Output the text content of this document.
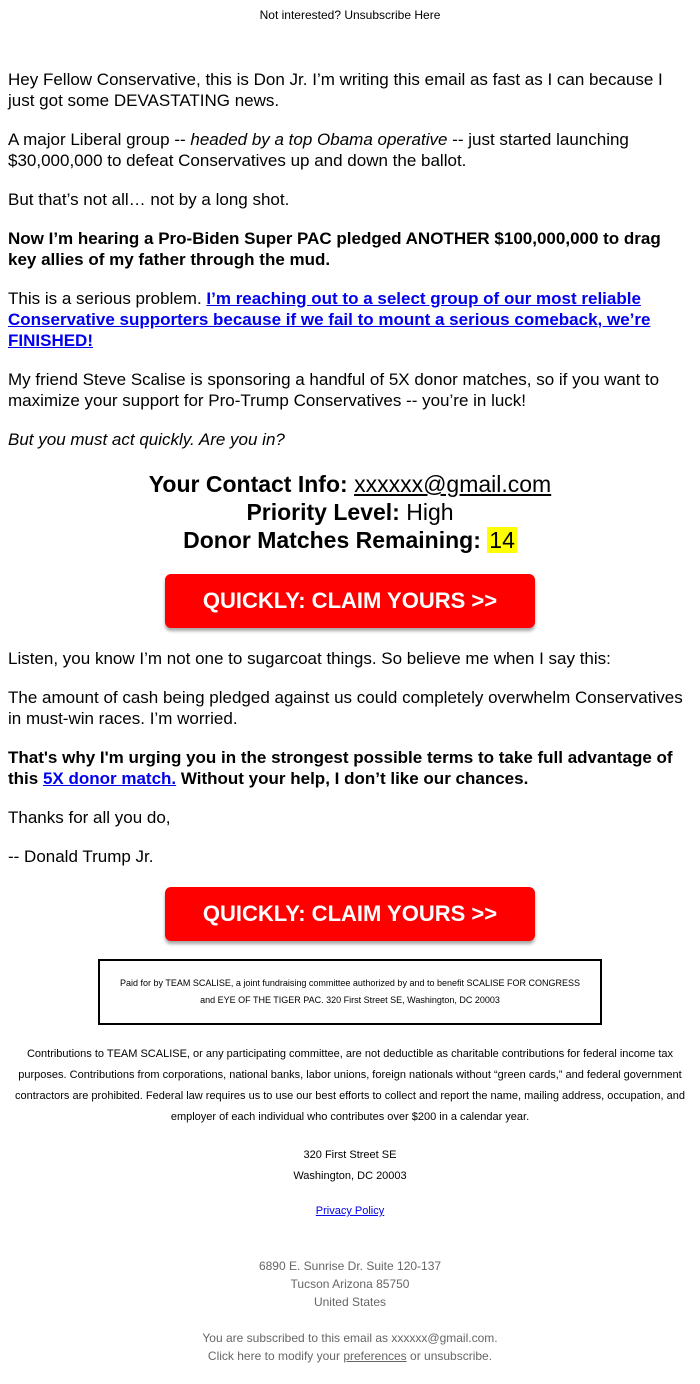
Not interested? Unsubscribe Here

Hey Fellow Conservative, this is Don Jr. I’m writing this email as fast as I can because I just got some DEVASTATING news.

A major Liberal group -- headed by a top Obama operative -- just started launching $30,000,000 to defeat Conservatives up and down the ballot.

But that’s not all… not by a long shot.

Now I’m hearing a Pro-Biden Super PAC pledged ANOTHER $100,000,000 to drag key allies of my father through the mud.

This is a serious problem. I’m reaching out to a select group of our most reliable Conservative supporters because if we fail to mount a serious comeback, we’re FINISHED!

My friend Steve Scalise is sponsoring a handful of 5X donor matches, so if you want to maximize your support for Pro-Trump Conservatives -- you’re in luck!

But you must act quickly. Are you in?

Your Contact Info: xxxxxx@gmail.com
Priority Level: High
Donor Matches Remaining: 14
QUICKLY: CLAIM YOURS >>

Listen, you know I’m not one to sugarcoat things. So believe me when I say this:

The amount of cash being pledged against us could completely overwhelm Conservatives in must-win races. I’m worried.

That's why I'm urging you in the strongest possible terms to take full advantage of this 5X donor match. Without your help, I don’t like our chances.

Thanks for all you do,

-- Donald Trump Jr.

QUICKLY: CLAIM YOURS >>
Paid for by TEAM SCALISE, a joint fundraising committee authorized by and to benefit SCALISE FOR CONGRESS and EYE OF THE TIGER PAC. 320 First Street SE, Washington, DC 20003
Contributions to TEAM SCALISE, or any participating committee, are not deductible as charitable contributions for federal income tax purposes. Contributions from corporations, national banks, labor unions, foreign nationals without “green cards,” and federal government contractors are prohibited. Federal law requires us to use our best efforts to collect and report the name, mailing address, occupation, and employer of each individual who contributes over $200 in a calendar year.
320 First Street SE
Washington, DC 20003
Privacy Policy
6890 E. Sunrise Dr. Suite 120-137
Tucson Arizona 85750
United States
You are subscribed to this email as xxxxxx@gmail.com.
Click here to modify your preferences or unsubscribe.
